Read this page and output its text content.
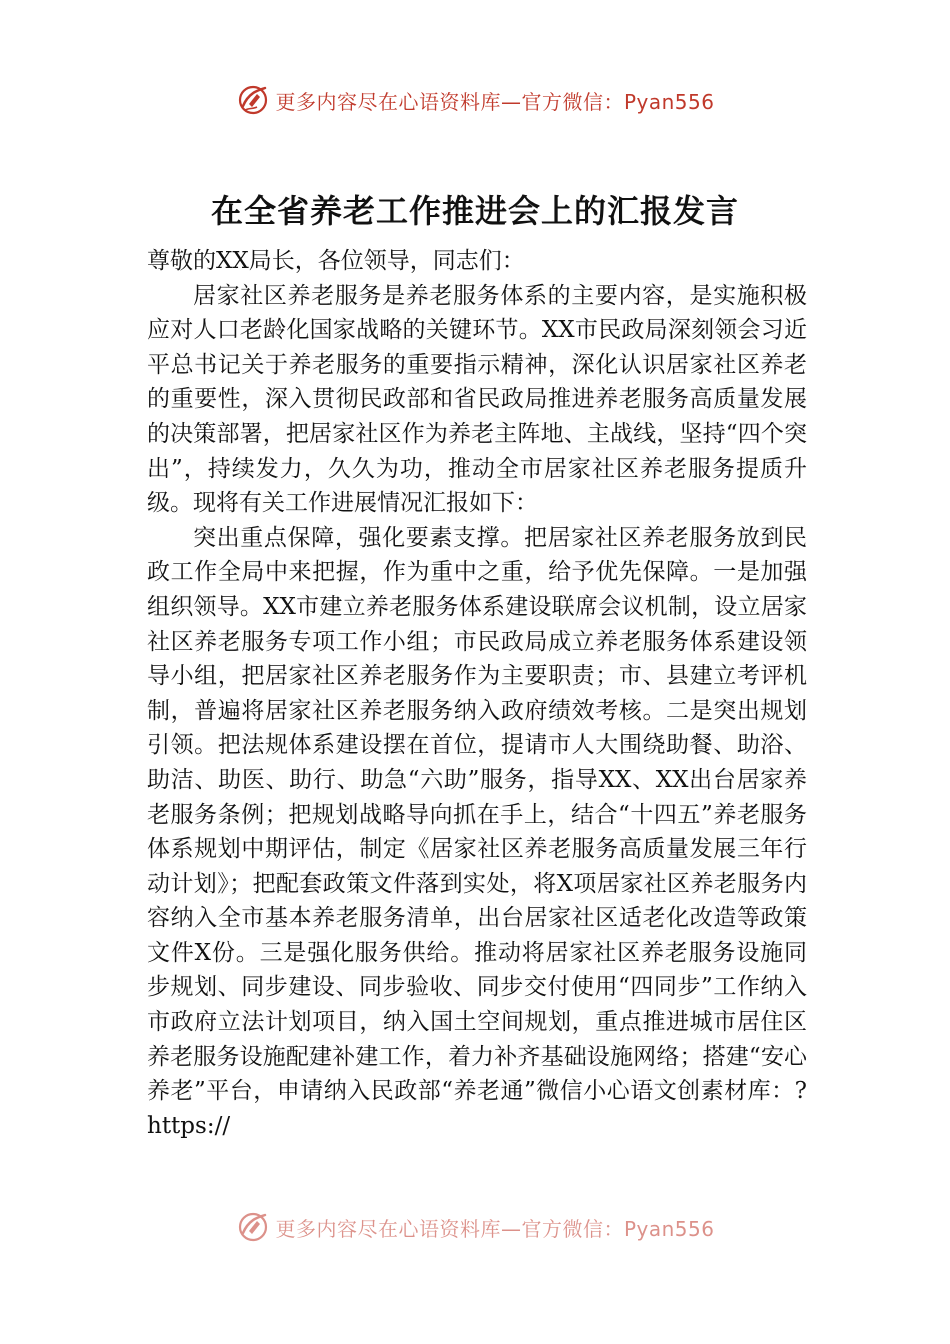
更多内容尽在心语资料库—官方微信：Pyan556
在全省养老工作推进会上的汇报发言

尊敬的XX局长，各位领导，同志们：

居家社区养老服务是养老服务体系的主要内容，是实施积极应对人口老龄化国家战略的关键环节。XX市民政局深刻领会习近平总书记关于养老服务的重要指示精神，深化认识居家社区养老的重要性，深入贯彻民政部和省民政局推进养老服务高质量发展的决策部署，把居家社区作为养老主阵地、主战线，坚持“四个突出”，持续发力，久久为功，推动全市居家社区养老服务提质升级。现将有关工作进展情况汇报如下：

突出重点保障，强化要素支撑。把居家社区养老服务放到民政工作全局中来把握，作为重中之重，给予优先保障。一是加强组织领导。XX市建立养老服务体系建设联席会议机制，设立居家社区养老服务专项工作小组；市民政局成立养老服务体系建设领导小组，把居家社区养老服务作为主要职责；市、县建立考评机制，普遍将居家社区养老服务纳入政府绩效考核。二是突出规划引领。把法规体系建设摆在首位，提请市人大围绕助餐、助浴、助洁、助医、助行、助急“六助”服务，指导XX、XX出台居家养老服务条例；把规划战略导向抓在手上，结合“十四五”养老服务体系规划中期评估，制定《居家社区养老服务高质量发展三年行动计划》；把配套政策文件落到实处，将X项居家社区养老服务内容纳入全市基本养老服务清单，出台居家社区适老化改造等政策文件X份。三是强化服务供给。推动将居家社区养老服务设施同步规划、同步建设、同步验收、同步交付使用“四同步”工作纳入市政府立法计划项目，纳入国土空间规划，重点推进城市居住区养老服务设施配建补建工作，着力补齐基础设施网络；搭建“安心养老”平台，申请纳入民政部“养老通”微信小心语文创素材库：?https://

更多内容尽在心语资料库—官方微信：Pyan556
